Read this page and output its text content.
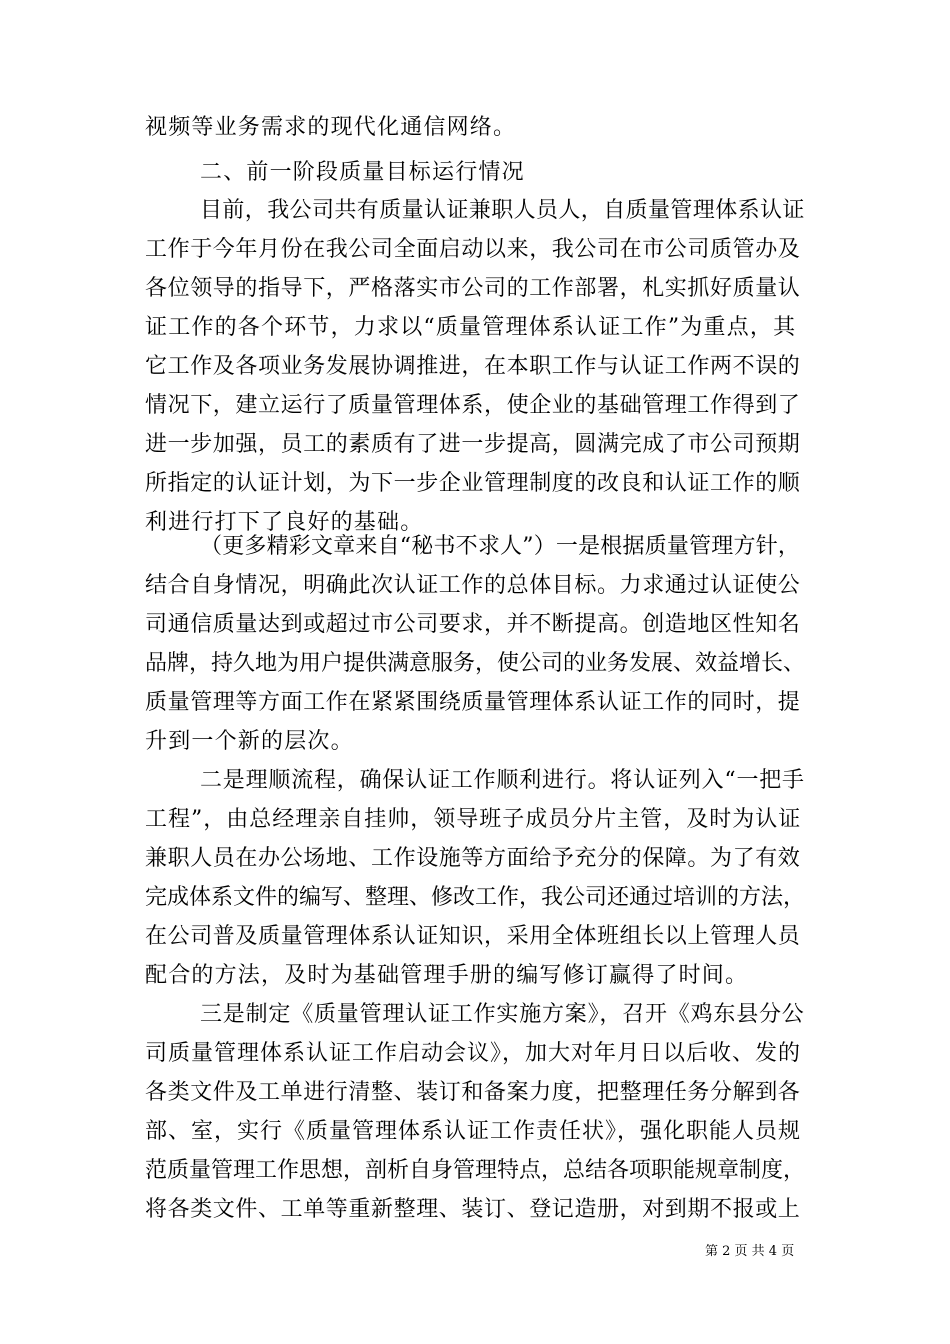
视频等业务需求的现代化通信网络。
二、前一阶段质量目标运行情况
目前，我公司共有质量认证兼职人员人，自质量管理体系认证
工作于今年月份在我公司全面启动以来，我公司在市公司质管办及
各位领导的指导下，严格落实市公司的工作部署，札实抓好质量认
证工作的各个环节，力求以“质量管理体系认证工作”为重点，其
它工作及各项业务发展协调推进，在本职工作与认证工作两不误的
情况下，建立运行了质量管理体系，使企业的基础管理工作得到了
进一步加强，员工的素质有了进一步提高，圆满完成了市公司预期
所指定的认证计划，为下一步企业管理制度的改良和认证工作的顺
利进行打下了良好的基础。
（更多精彩文章来自“秘书不求人”）一是根据质量管理方针，
结合自身情况，明确此次认证工作的总体目标。力求通过认证使公
司通信质量达到或超过市公司要求，并不断提高。创造地区性知名
品牌，持久地为用户提供满意服务，使公司的业务发展、效益增长、
质量管理等方面工作在紧紧围绕质量管理体系认证工作的同时，提
升到一个新的层次。
二是理顺流程，确保认证工作顺利进行。将认证列入“一把手
工程”，由总经理亲自挂帅，领导班子成员分片主管，及时为认证
兼职人员在办公场地、工作设施等方面给予充分的保障。为了有效
完成体系文件的编写、整理、修改工作，我公司还通过培训的方法，
在公司普及质量管理体系认证知识，采用全体班组长以上管理人员
配合的方法，及时为基础管理手册的编写修订赢得了时间。
三是制定《质量管理认证工作实施方案》，召开《鸡东县分公
司质量管理体系认证工作启动会议》，加大对年月日以后收、发的
各类文件及工单进行清整、装订和备案力度，把整理任务分解到各
部、室，实行《质量管理体系认证工作责任状》，强化职能人员规
范质量管理工作思想，剖析自身管理特点，总结各项职能规章制度，
将各类文件、工单等重新整理、装订、登记造册，对到期不报或上
第 2 页 共 4 页
